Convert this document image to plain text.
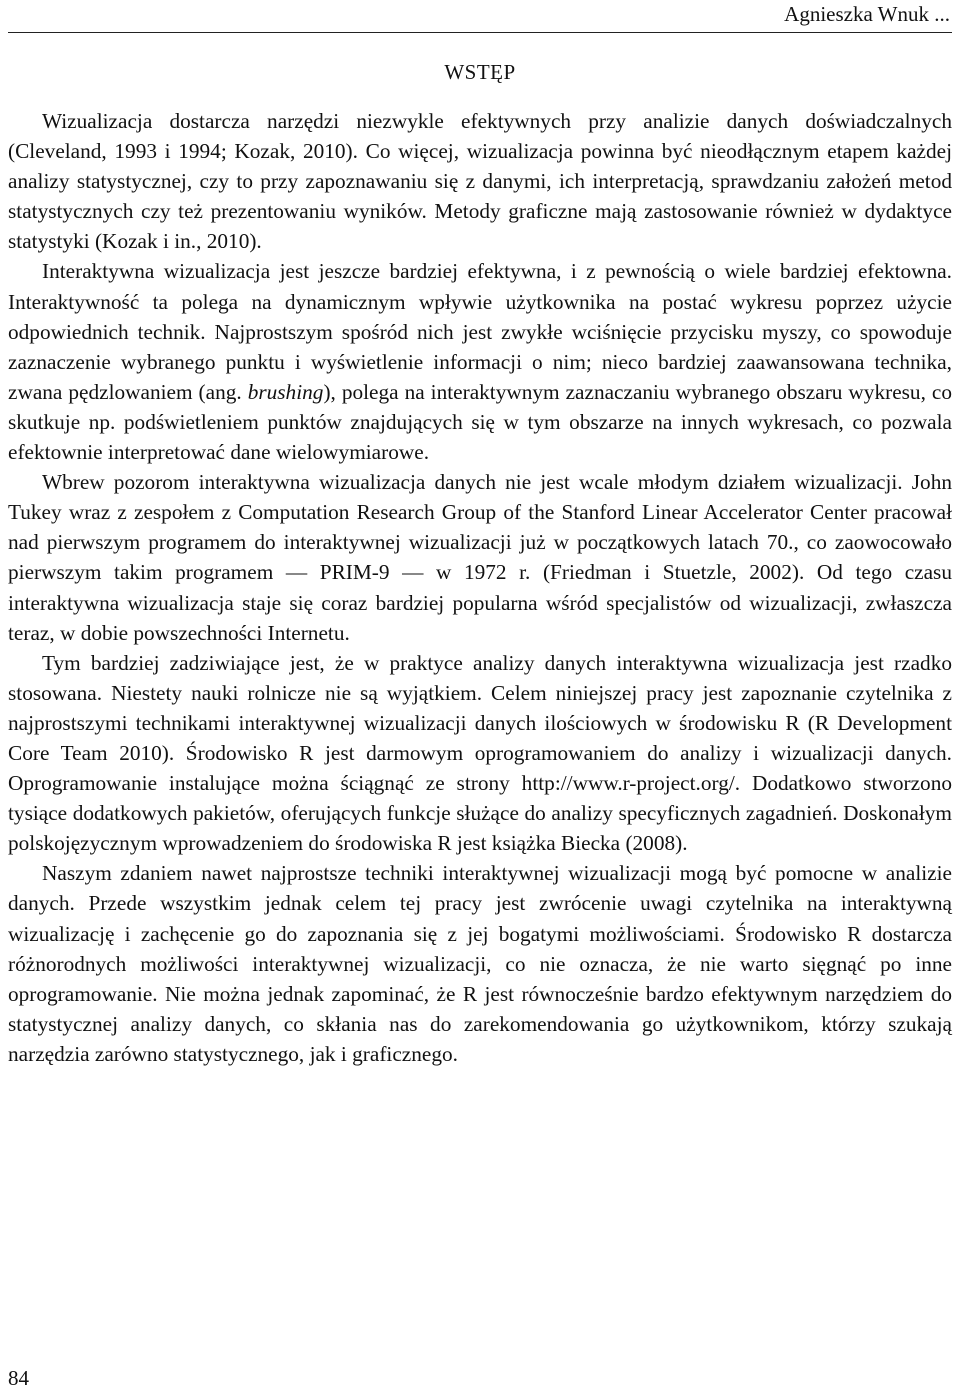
Agnieszka Wnuk ...
WSTĘP

Wizualizacja dostarcza narzędzi niezwykle efektywnych przy analizie danych doświadczalnych (Cleveland, 1993 i 1994; Kozak, 2010). Co więcej, wizualizacja powinna być nieodłącznym etapem każdej analizy statystycznej, czy to przy zapoznawaniu się z danymi, ich interpretacją, sprawdzaniu założeń metod statystycznych czy też prezentowaniu wyników. Metody graficzne mają zastosowanie również w dydaktyce statystyki (Kozak i in., 2010).

Interaktywna wizualizacja jest jeszcze bardziej efektywna, i z pewnością o wiele bardziej efektowna. Interaktywność ta polega na dynamicznym wpływie użytkownika na postać wykresu poprzez użycie odpowiednich technik. Najprostszym spośród nich jest zwykłe wciśnięcie przycisku myszy, co spowoduje zaznaczenie wybranego punktu i wyświetlenie informacji o nim; nieco bardziej zaawansowana technika, zwana pędzlowaniem (ang. brushing), polega na interaktywnym zaznaczaniu wybranego obszaru wykresu, co skutkuje np. podświetleniem punktów znajdujących się w tym obszarze na innych wykresach, co pozwala efektownie interpretować dane wielowymiarowe.

Wbrew pozorom interaktywna wizualizacja danych nie jest wcale młodym działem wizualizacji. John Tukey wraz z zespołem z Computation Research Group of the Stanford Linear Accelerator Center pracował nad pierwszym programem do interaktywnej wizualizacji już w początkowych latach 70., co zaowocowało pierwszym takim programem — PRIM-9 — w 1972 r. (Friedman i Stuetzle, 2002). Od tego czasu interaktywna wizualizacja staje się coraz bardziej popularna wśród specjalistów od wizualizacji, zwłaszcza teraz, w dobie powszechności Internetu.

Tym bardziej zadziwiające jest, że w praktyce analizy danych interaktywna wizualizacja jest rzadko stosowana. Niestety nauki rolnicze nie są wyjątkiem. Celem niniejszej pracy jest zapoznanie czytelnika z najprostszymi technikami interaktywnej wizualizacji danych ilościowych w środowisku R (R Development Core Team 2010). Środowisko R jest darmowym oprogramowaniem do analizy i wizualizacji danych. Oprogramowanie instalujące można ściągnąć ze strony http://www.r-project.org/. Dodatkowo stworzono tysiące dodatkowych pakietów, oferujących funkcje służące do analizy specyficznych zagadnień. Doskonałym polskojęzycznym wprowadzeniem do środowiska R jest książka Biecka (2008).

Naszym zdaniem nawet najprostsze techniki interaktywnej wizualizacji mogą być pomocne w analizie danych. Przede wszystkim jednak celem tej pracy jest zwrócenie uwagi czytelnika na interaktywną wizualizację i zachęcenie go do zapoznania się z jej bogatymi możliwościami. Środowisko R dostarcza różnorodnych możliwości interaktywnej wizualizacji, co nie oznacza, że nie warto sięgnąć po inne oprogramowanie. Nie można jednak zapominać, że R jest równocześnie bardzo efektywnym narzędziem do statystycznej analizy danych, co skłania nas do zarekomendowania go użytkownikom, którzy szukają narzędzia zarówno statystycznego, jak i graficznego.

84
